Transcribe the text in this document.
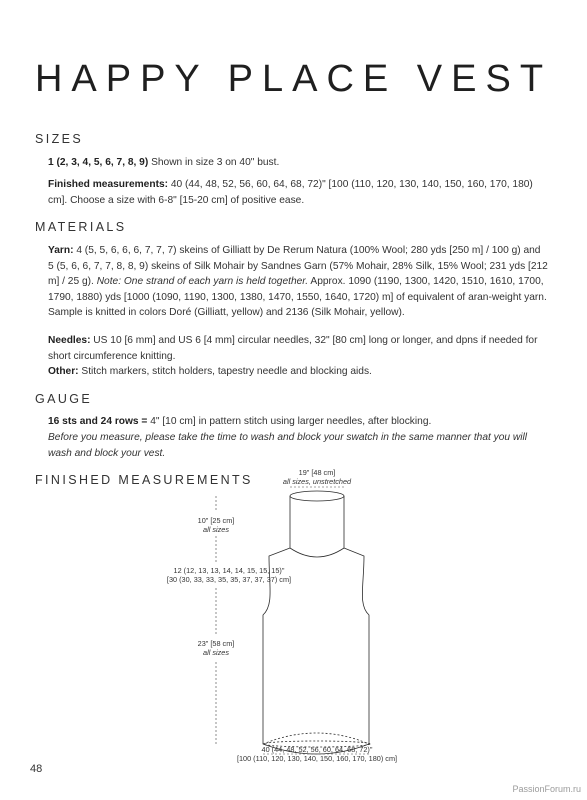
HAPPY PLACE VEST
SIZES
1 (2, 3, 4, 5, 6, 7, 8, 9) Shown in size 3 on 40" bust.
Finished measurements: 40 (44, 48, 52, 56, 60, 64, 68, 72)" [100 (110, 120, 130, 140, 150, 160, 170, 180) cm]. Choose a size with 6-8" [15-20 cm] of positive ease.
MATERIALS
Yarn: 4 (5, 5, 6, 6, 6, 7, 7, 7) skeins of Gilliatt by De Rerum Natura (100% Wool; 280 yds [250 m] / 100 g) and 5 (5, 6, 6, 7, 7, 8, 8, 9) skeins of Silk Mohair by Sandnes Garn (57% Mohair, 28% Silk, 15% Wool; 231 yds [212 m] / 25 g). Note: One strand of each yarn is held together. Approx. 1090 (1190, 1300, 1420, 1510, 1610, 1700, 1790, 1880) yds [1000 (1090, 1190, 1300, 1380, 1470, 1550, 1640, 1720) m] of equivalent of aran-weight yarn. Sample is knitted in colors Doré (Gilliatt, yellow) and 2136 (Silk Mohair, yellow).
Needles: US 10 [6 mm] and US 6 [4 mm] circular needles, 32" [80 cm] long or longer, and dpns if needed for short circumference knitting.
Other: Stitch markers, stitch holders, tapestry needle and blocking aids.
GAUGE
16 sts and 24 rows = 4" [10 cm] in pattern stitch using larger needles, after blocking.
Before you measure, please take the time to wash and block your swatch in the same manner that you will wash and block your vest.
FINISHED MEASUREMENTS
19" [48 cm]
all sizes, unstretched
10" [25 cm]
all sizes
12 (12, 13, 13, 14, 14, 15, 15, 15)"
[30 (30, 33, 33, 35, 35, 37, 37, 37) cm]
23" [58 cm]
all sizes
40 (44, 48, 52, 56, 60, 64, 68, 72)"
[100 (110, 120, 130, 140, 150, 160, 170, 180) cm]
48
PassionForum.ru
